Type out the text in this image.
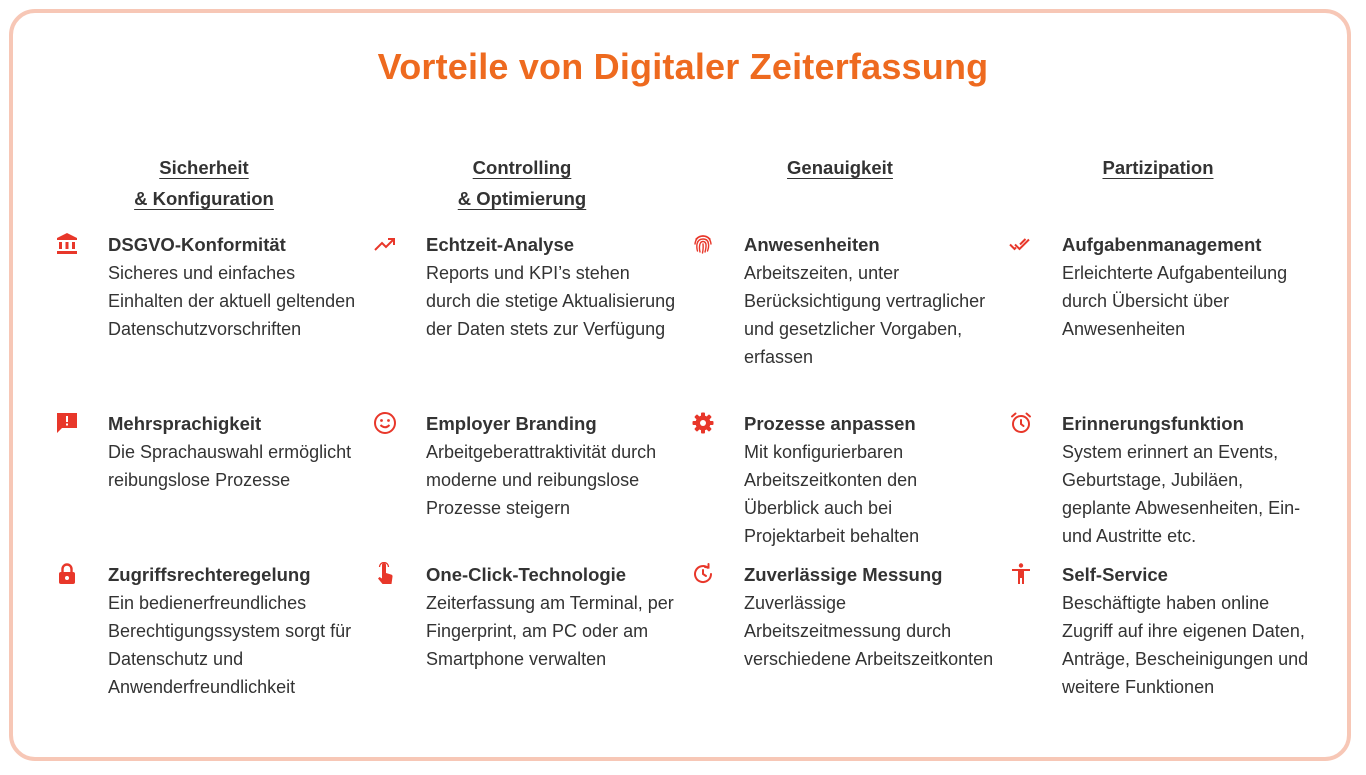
Vorteile von Digitaler Zeiterfassung
Sicherheit
& Konfiguration
DSGVO-Konformität
Sicheres und einfaches Einhalten der aktuell geltenden Datenschutzvorschriften
Mehrsprachigkeit
Die Sprachauswahl ermöglicht reibungslose Prozesse
Zugriffsrechteregelung
Ein bedienerfreundliches Berechtigungssystem sorgt für Datenschutz und Anwenderfreundlichkeit
Controlling
& Optimierung
Echtzeit-Analyse
Reports und KPI’s stehen durch die stetige Aktualisierung der Daten stets zur Verfügung
Employer Branding
Arbeitgeberattraktivität durch moderne und reibungslose Prozesse steigern
One-Click-Technologie
Zeiterfassung am Terminal, per Fingerprint, am PC oder am Smartphone verwalten
Genauigkeit
Anwesenheiten
Arbeitszeiten, unter Berücksichtigung vertraglicher und gesetzlicher Vorgaben, erfassen
Prozesse anpassen
Mit konfigurierbaren Arbeitszeitkonten den Überblick auch bei Projektarbeit behalten
Zuverlässige Messung
Zuverlässige Arbeitszeitmessung durch verschiedene Arbeitszeitkonten
Partizipation
Aufgabenmanagement
Erleichterte Aufgabenteilung durch Übersicht über Anwesenheiten
Erinnerungsfunktion
System erinnert an Events, Geburtstage, Jubiläen, geplante Abwesenheiten, Ein- und Austritte etc.
Self-Service
Beschäftigte haben online Zugriff auf ihre eigenen Daten, Anträge, Bescheinigungen und weitere Funktionen
